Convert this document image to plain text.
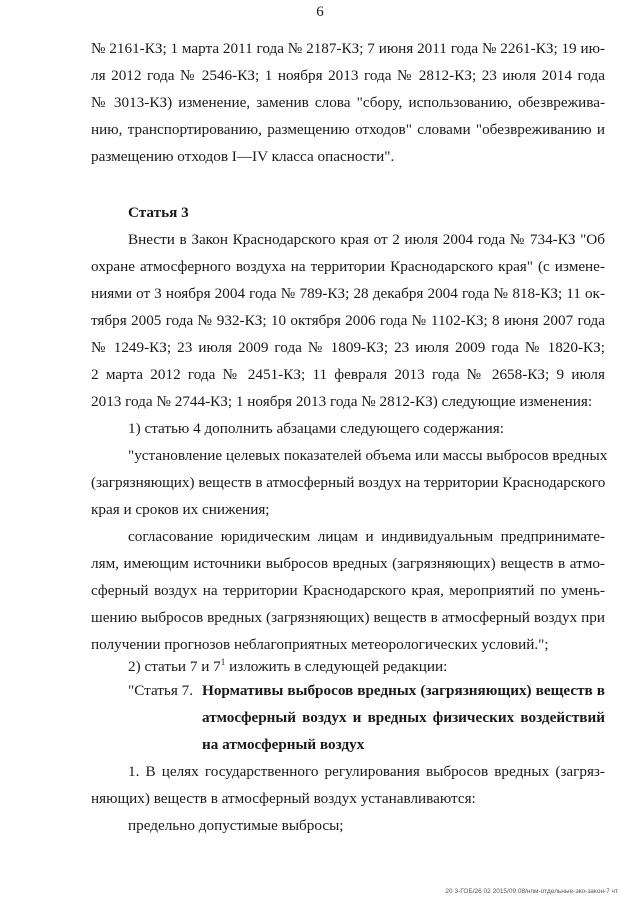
6
№ 2161-КЗ; 1 марта 2011 года № 2187-КЗ; 7 июня 2011 года № 2261-КЗ; 19 ию-
ля 2012 года № 2546-КЗ; 1 ноября 2013 года № 2812-КЗ; 23 июля 2014 года
№ 3013-КЗ) изменение, заменив слова "сбору, использованию, обезврежива-
нию, транспортированию, размещению отходов" словами "обезвреживанию и
размещению отходов I—IV класса опасности".
Статья 3
Внести в Закон Краснодарского края от 2 июля 2004 года № 734-КЗ "Об
охране атмосферного воздуха на территории Краснодарского края" (с измене-
ниями от 3 ноября 2004 года № 789-КЗ; 28 декабря 2004 года № 818-КЗ; 11 ок-
тября 2005 года № 932-КЗ; 10 октября 2006 года № 1102-КЗ; 8 июня 2007 года
№ 1249-КЗ; 23 июля 2009 года № 1809-КЗ; 23 июля 2009 года № 1820-КЗ;
2 марта 2012 года № 2451-КЗ; 11 февраля 2013 года № 2658-КЗ; 9 июля
2013 года № 2744-КЗ; 1 ноября 2013 года № 2812-КЗ) следующие изменения:
1) статью 4 дополнить абзацами следующего содержания:
"установление целевых показателей объема или массы выбросов вредных
(загрязняющих) веществ в атмосферный воздух на территории Краснодарского
края и сроков их снижения;
согласование юридическим лицам и индивидуальным предпринимате-
лям, имеющим источники выбросов вредных (загрязняющих) веществ в атмо-
сферный воздух на территории Краснодарского края, мероприятий по умень-
шению выбросов вредных (загрязняющих) веществ в атмосферный воздух при
получении прогнозов неблагоприятных метеорологических условий.";
2) статьи 7 и $7^1$ изложить в следующей редакции:
"Статья 7. Нормативы выбросов вредных (загрязняющих) веществ в
атмосферный воздух и вредных физических воздействий
на атмосферный воздух
1. В целях государственного регулирования выбросов вредных (загряз-
няющих) веществ в атмосферный воздух устанавливаются:
предельно допустимые выбросы;
20 3-ГОБ/26 02 2015/09 08/нпм-отдельные-эко-закон-7 чт
